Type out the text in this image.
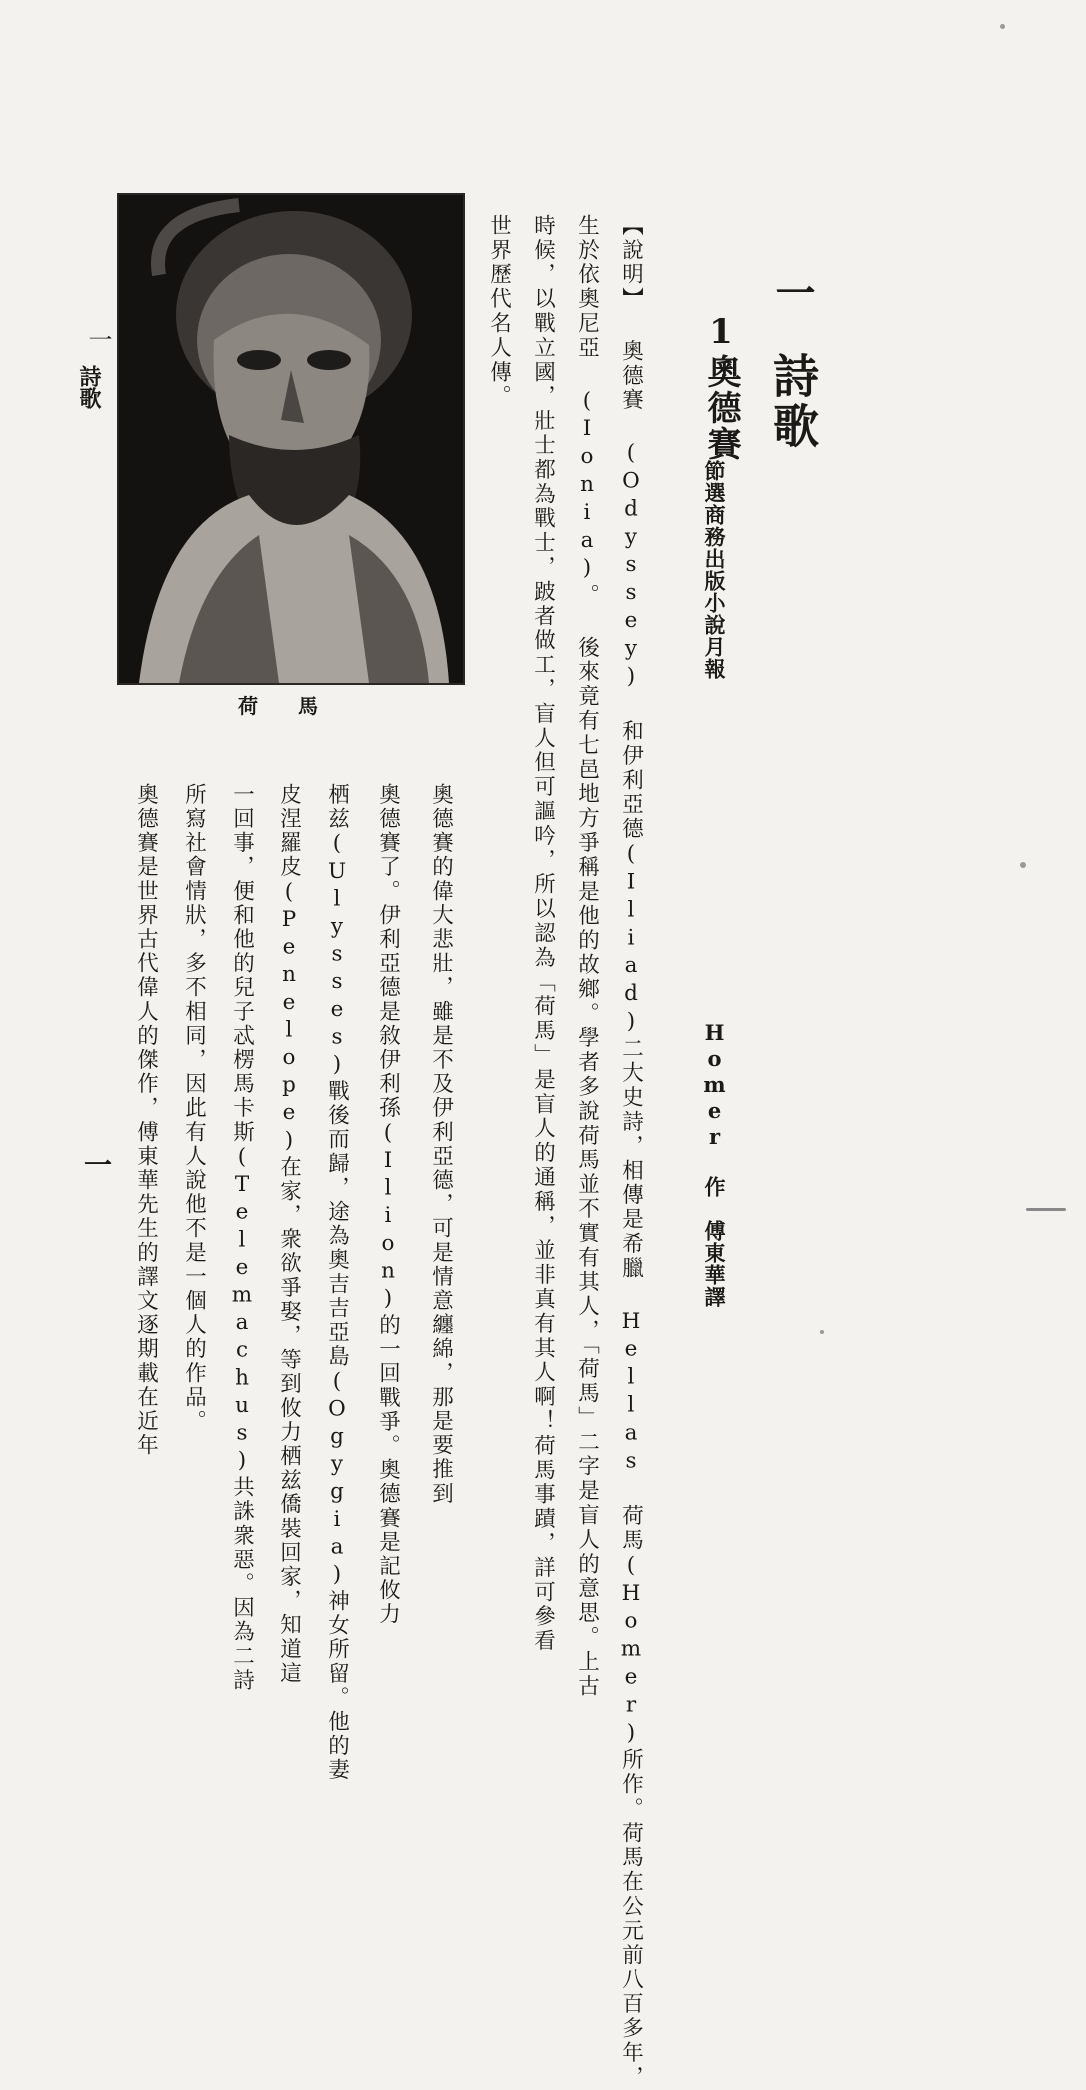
一
詩歌
1奧德賽
節選商務出版小說月報
Homer 作　傅東華譯
【說明】 奧德賽 (Odyssey) 和伊利亞德(Iliad)二大史詩，相傳是希臘 Hellas 荷馬(Homer)所作。荷馬在公元前八百多年，
生於依奧尼亞 (Ionia)。 後來竟有七邑地方爭稱是他的故鄉。學者多說荷馬並不實有其人，「荷馬」二字是盲人的意思。上古
時候，以戰立國，壯士都為戰士，跛者做工，盲人但可謳吟，所以認為「荷馬」是盲人的通稱，並非真有其人啊！荷馬事蹟，詳可參看
世界歷代名人傳。
荷　　馬
奧德賽的偉大悲壯，雖是不及伊利亞德，可是情意纏綿，那是要推到
奧德賽了。伊利亞德是敘伊利孫(Ilion)的一回戰爭。奧德賽是記攸力
栖兹(Ulysses)戰後而歸，途為奧吉吉亞島(Ogygia)神女所留。他的妻
皮涅羅皮(Penelope)在家，衆欲爭娶，等到攸力栖兹僑裝回家，知道這
一回事，便和他的兒子忒楞馬卡斯(Telemachus)共誅衆惡。因為二詩
所寫社會情狀，多不相同，因此有人說他不是一個人的作品。
奧德賽是世界古代偉人的傑作，傅東華先生的譯文逐期載在近年
一
詩歌
一
